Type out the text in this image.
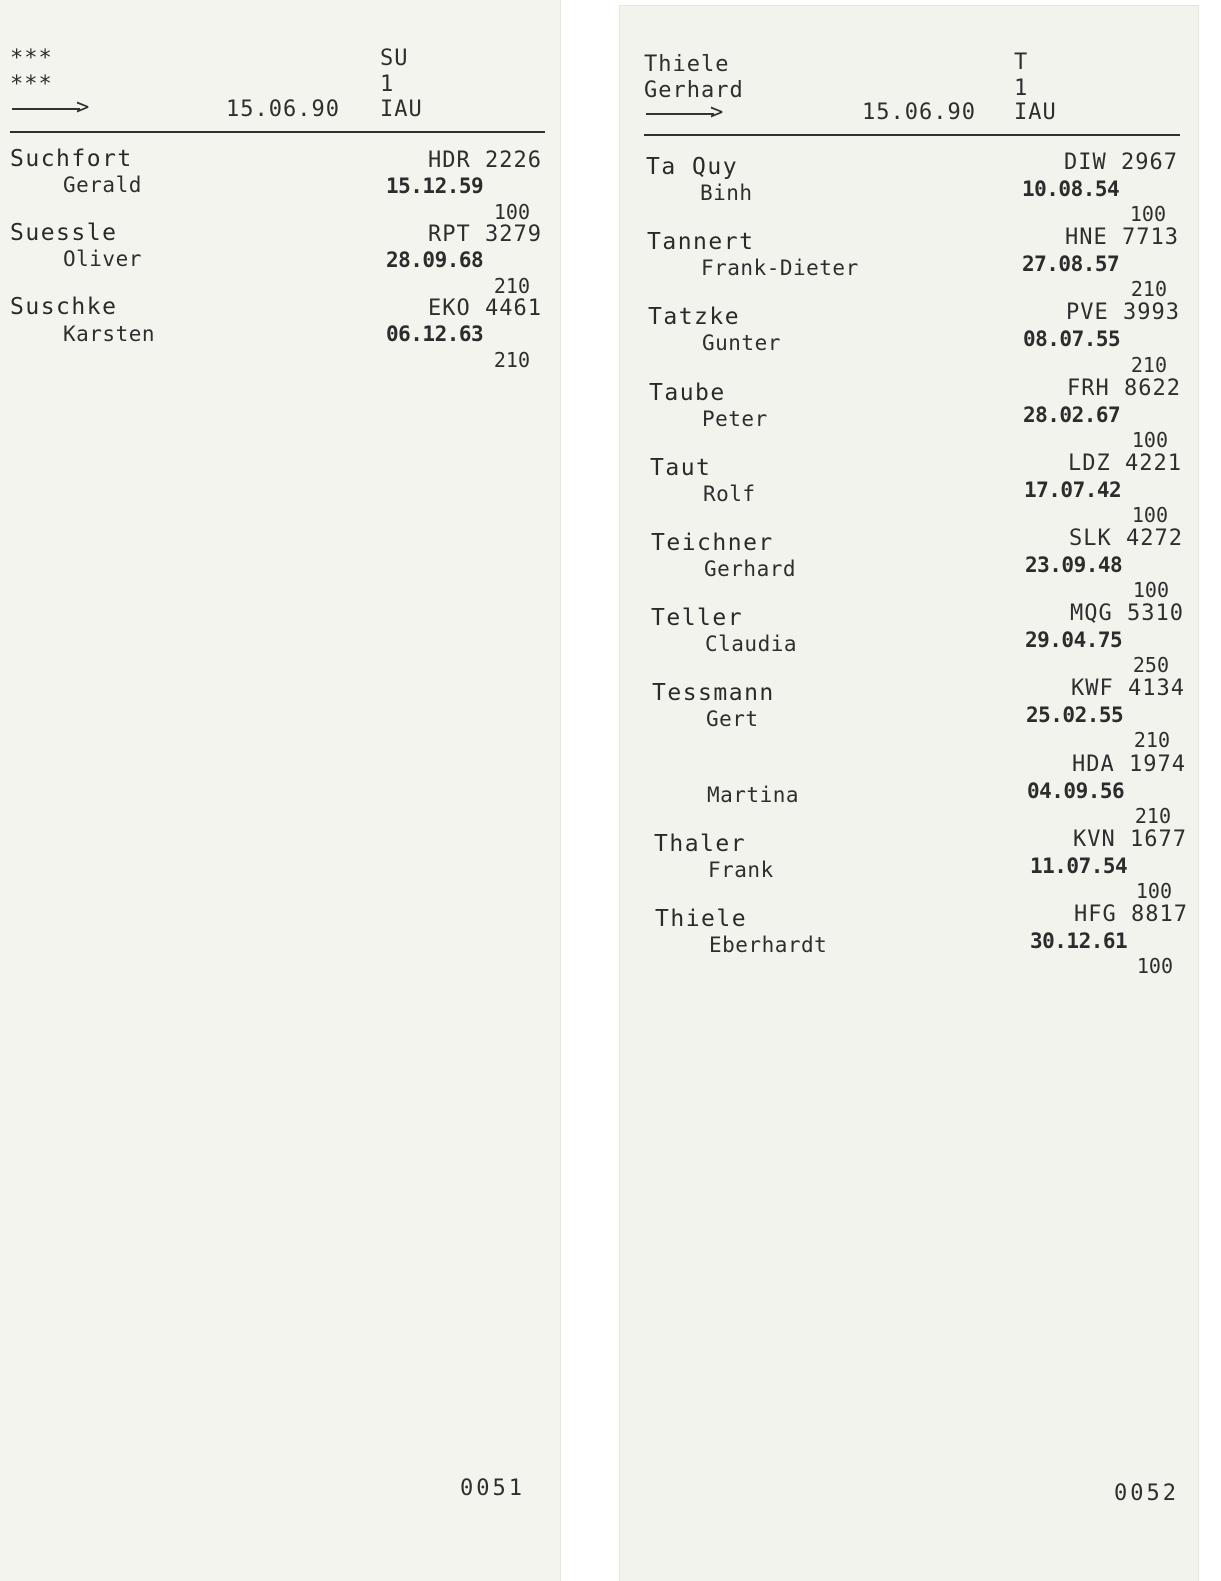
***
***
>	15.06.90
SU
1
IAU
Suchfort
Gerald
HDR 2226
15.12.59
100
Suessle
Oliver
RPT 3279
28.09.68
210
Suschke
Karsten
EKO 4461
06.12.63
210
0051
Thiele
Gerhard
>	15.06.90
T
1
IAU
Ta Quy
Binh
DIW 2967
10.08.54
100
Tannert
Frank-Dieter
HNE 7713
27.08.57
210
Tatzke
Gunter
PVE 3993
08.07.55
210
Taube
Peter
FRH 8622
28.02.67
100
Taut
Rolf
LDZ 4221
17.07.42
100
Teichner
Gerhard
SLK 4272
23.09.48
100
Teller
Claudia
MQG 5310
29.04.75
250
Tessmann
Gert
KWF 4134
25.02.55
210
Martina
HDA 1974
04.09.56
210
Thaler
Frank
KVN 1677
11.07.54
100
Thiele
Eberhardt
HFG 8817
30.12.61
100
0052
